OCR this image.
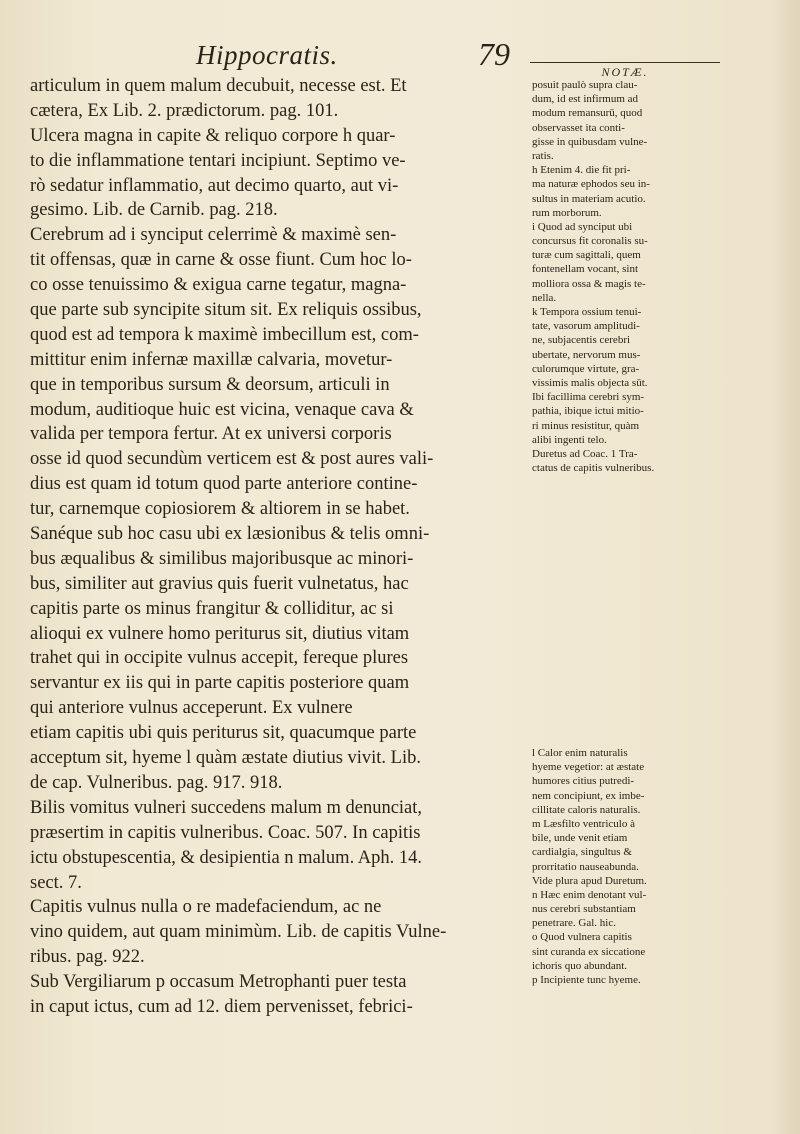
Hippocratis.	79	NOTÆ.
articulum in quem malum decubuit, necesse est. Et
cætera, Ex Lib. 2. prædictorum. pag. 101.
Ulcera magna in capite & reliquo corpore h quar-
to die inflammatione tentari incipiunt. Septimo ve-
rò sedatur inflammatio, aut decimo quarto, aut vi-
gesimo. Lib. de Carnib. pag. 218.
Cerebrum ad i synciput celerrimè & maximè sen-
tit offensas, quæ in carne & osse fiunt. Cum hoc lo-
co osse tenuissimo & exigua carne tegatur, magna-
que parte sub syncipite situm sit. Ex reliquis ossibus,
quod est ad tempora k maximè imbecillum est, com-
mittitur enim infernæ maxillæ calvaria, movetur-
que in temporibus sursum & deorsum, articuli in
modum, auditioque huic est vicina, venaque cava &
valida per tempora fertur. At ex universi corporis
osse id quod secundùm verticem est & post aures vali-
dius est quam id totum quod parte anteriore contine-
tur, carnemque copiosiorem & altiorem in se habet.
Sanéque sub hoc casu ubi ex læsionibus & telis omni-
bus æqualibus & similibus majoribusque ac minori-
bus, similiter aut gravius quis fuerit vulnetatus, hac
capitis parte os minus frangitur & colliditur, ac si
alioqui ex vulnere homo periturus sit, diutius vitam
trahet qui in occipite vulnus accepit, fereque plures
servantur ex iis qui in parte capitis posteriore quam
qui anteriore vulnus acceperunt. Ex vulnere
etiam capitis ubi quis periturus sit, quacumque parte
acceptum sit, hyeme l quàm æstate diutius vivit. Lib.
de cap. Vulneribus. pag. 917. 918.
Bilis vomitus vulneri succedens malum m denunciat,
præsertim in capitis vulneribus. Coac. 507. In capitis
ictu obstupescentia, & desipientia n malum. Aph. 14.
sect. 7.
Capitis vulnus nulla o re madefaciendum, ac ne
vino quidem, aut quam minimùm. Lib. de capitis Vulne-
ribus. pag. 922.
Sub Vergiliarum p occasum Metrophanti puer testa
in caput ictus, cum ad 12. diem pervenisset, febrici-
posuit paulò supra clau-
dum, id est infirmum ad
modum remansurū, quod
observasset ita conti-
gisse in quibusdam vulne-
ratis.
h Etenim 4. die fit pri-
ma naturæ ephodos seu in-
sultus in materiam acutio.
rum morborum.
i Quod ad synciput ubi
concursus fit coronalis su-
turæ cum sagittali, quem
fontenellam vocant, sint
molliora ossa & magis te-
nella.
k Tempora ossium tenui-
tate, vasorum amplitudi-
ne, subjacentis cerebri
ubertate, nervorum mus-
culorumque virtute, gra-
vissimis malis objecta sūt.
Ibi facillima cerebri sym-
pathia, ibique ictui mitio-
ri minus resistitur, quàm
alibi ingenti telo.
Duretus ad Coac. 1 Tra-
ctatus de capitis vulneribus.
l Calor enim naturalis
hyeme vegetior: at æstate
humores citius putredi-
nem concipiunt, ex imbe-
cillitate caloris naturalis.
m Læsfilto ventriculo à
bile, unde venit etiam
cardialgia, singultus &
prorritatio nauseabunda.
Vide plura apud Duretum.
n Hæc enim denotant vul-
nus cerebri substantiam
penetrare. Gal. hic.
o Quod vulnera capitis
sint curanda ex siccatione
ichoris quo abundant.
p Incipiente tunc hyeme.
